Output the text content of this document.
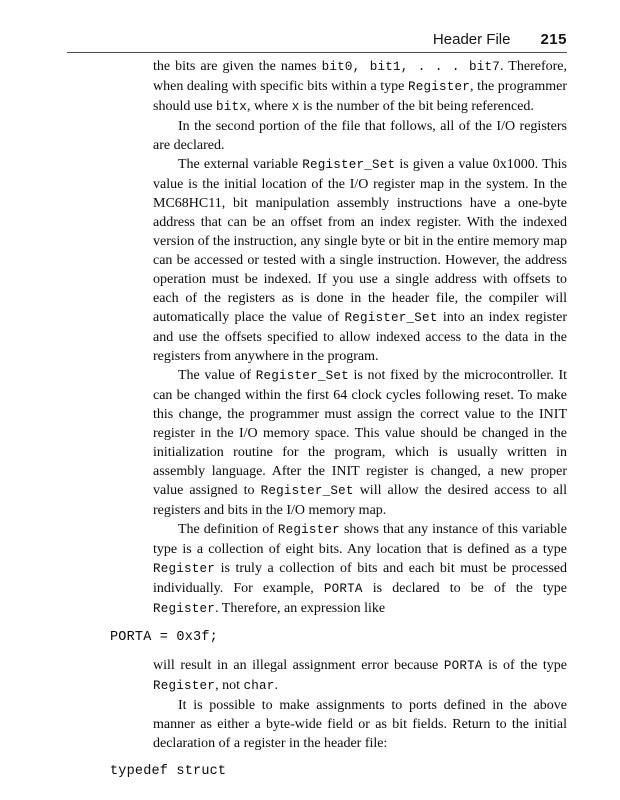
Header File 215

the bits are given the names bit0, bit1, . . . bit7. Therefore, when dealing with specific bits within a type Register, the programmer should use bitx, where x is the number of the bit being referenced.

In the second portion of the file that follows, all of the I/O registers are declared.

The external variable Register_Set is given a value 0x1000. This value is the initial location of the I/O register map in the system. In the MC68HC11, bit manipulation assembly instructions have a one-byte address that can be an offset from an index register. With the indexed version of the instruction, any single byte or bit in the entire memory map can be accessed or tested with a single instruction. However, the address operation must be indexed. If you use a single address with offsets to each of the registers as is done in the header file, the compiler will automatically place the value of Register_Set into an index register and use the offsets specified to allow indexed access to the data in the registers from anywhere in the program.

The value of Register_Set is not fixed by the microcontroller. It can be changed within the first 64 clock cycles following reset. To make this change, the programmer must assign the correct value to the INIT register in the I/O memory space. This value should be changed in the initialization routine for the program, which is usually written in assembly language. After the INIT register is changed, a new proper value assigned to Register_Set will allow the desired access to all registers and bits in the I/O memory map.

The definition of Register shows that any instance of this variable type is a collection of eight bits. Any location that is defined as a type Register is truly a collection of bits and each bit must be processed individually. For example, PORTA is declared to be of the type Register. Therefore, an expression like

PORTA = 0x3f;

will result in an illegal assignment error because PORTA is of the type Register, not char.

It is possible to make assignments to ports defined in the above manner as either a byte-wide field or as bit fields. Return to the initial declaration of a register in the header file:

typedef struct
